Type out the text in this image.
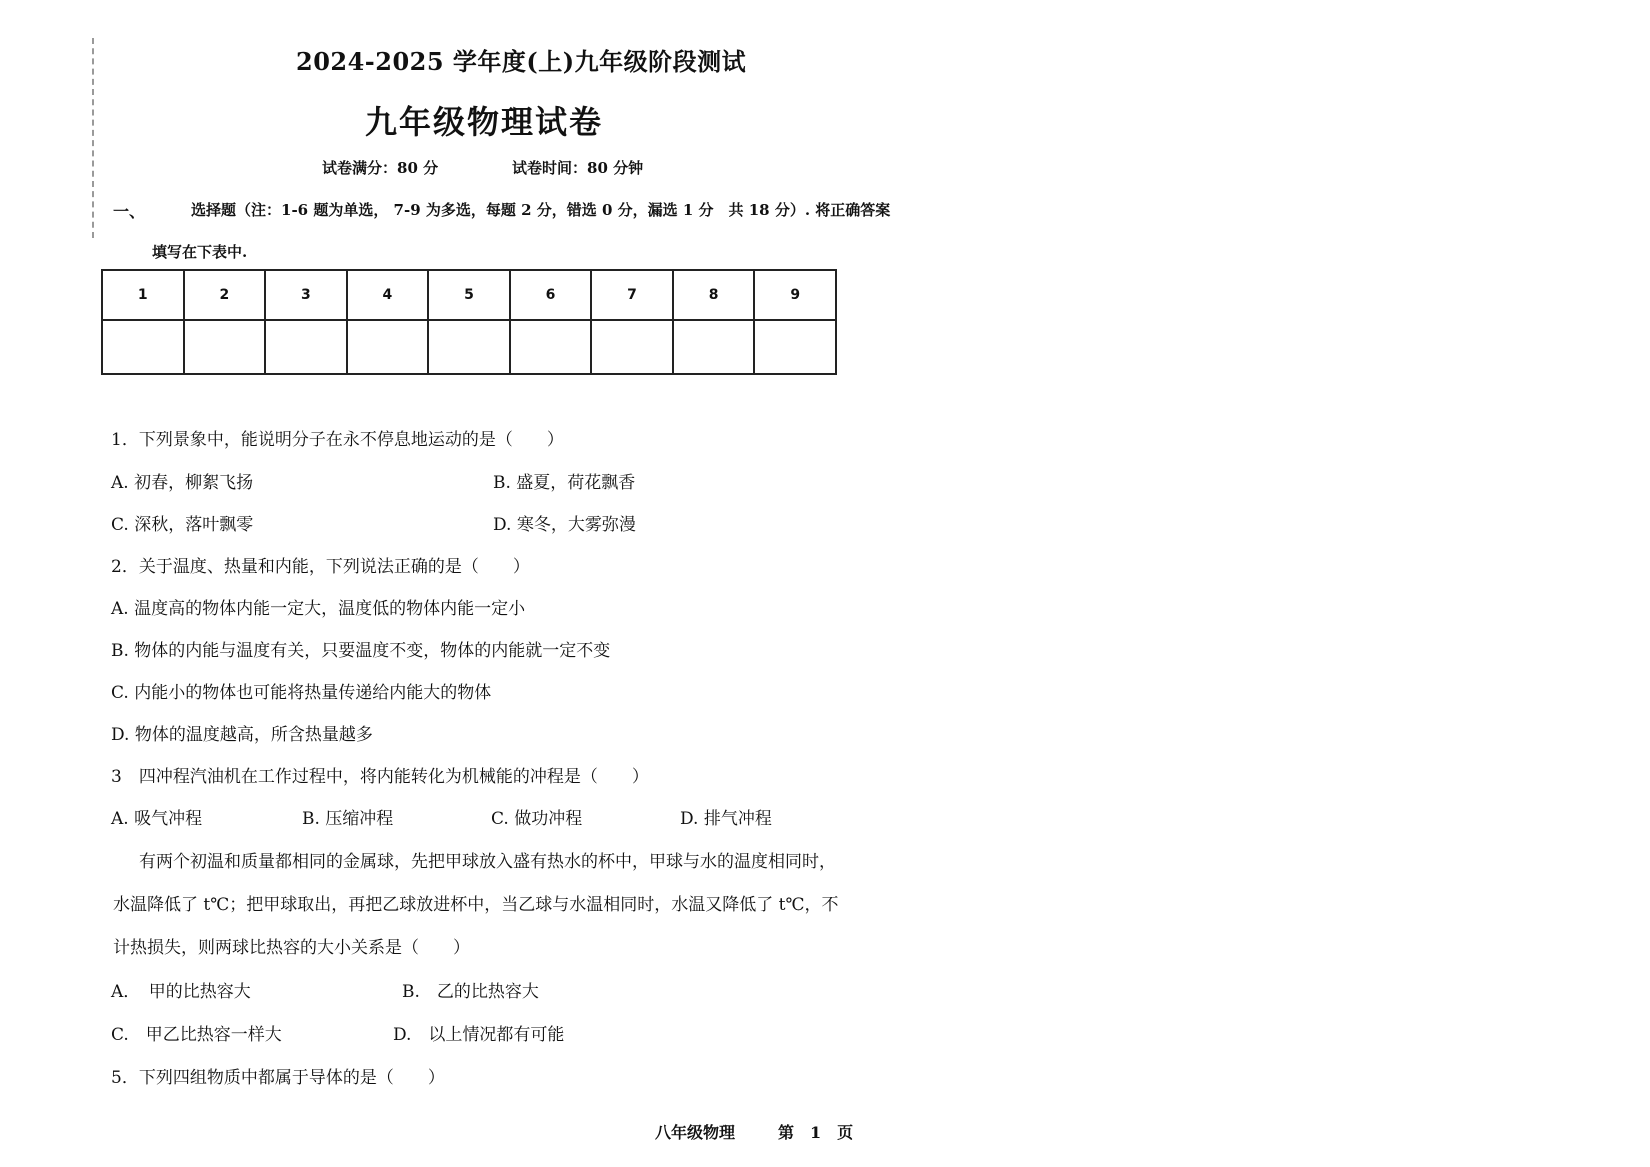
2024-2025 学年度(上)九年级阶段测试
九年级物理试卷
试卷满分：80 分	试卷时间：80 分钟
一、	选择题（注：1-6 题为单选， 7-9 为多选，每题 2 分，错选 0 分，漏选 1 分　共 18 分）. 将正确答案
填写在下表中.
1	2	3	4	5	6	7	8	9

1．下列景象中，能说明分子在永不停息地运动的是（　　）
A. 初春，柳絮飞扬	B. 盛夏，荷花飘香
C. 深秋，落叶飘零	D. 寒冬，大雾弥漫
2．关于温度、热量和内能，下列说法正确的是（　　）
A. 温度高的物体内能一定大，温度低的物体内能一定小
B. 物体的内能与温度有关，只要温度不变，物体的内能就一定不变
C. 内能小的物体也可能将热量传递给内能大的物体
D. 物体的温度越高，所含热量越多
3　四冲程汽油机在工作过程中，将内能转化为机械能的冲程是（　　）
A. 吸气冲程	B. 压缩冲程	C. 做功冲程	D. 排气冲程
有两个初温和质量都相同的金属球，先把甲球放入盛有热水的杯中，甲球与水的温度相同时，
水温降低了 t℃；把甲球取出，再把乙球放进杯中，当乙球与水温相同时，水温又降低了 t℃，不
计热损失，则两球比热容的大小关系是（　　）
A．　甲的比热容大	B.　乙的比热容大
C.　甲乙比热容一样大	D.　以上情况都有可能
5．下列四组物质中都属于导体的是（　　）
八年级物理	第　1　页
